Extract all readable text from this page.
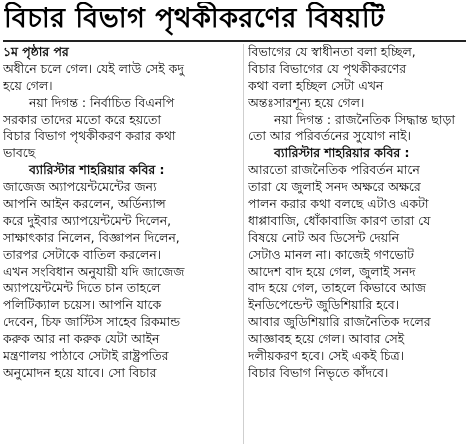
বিচার বিভাগ পৃথকীকরণের বিষয়টি
১ম পৃষ্ঠার পর
অধীনে চলে গেল। যেই লাউ সেই কদু
হয়ে গেল।
নয়া দিগন্ত : নির্বাচিত বিএনপি
সরকার তাদের মতো করে হয়তো
বিচার বিভাগ পৃথকীকরণ করার কথা
ভাবছে
ব্যারিস্টার শাহরিয়ার কবির :
জাজেজ অ্যাপয়েন্টমেন্টের জন্য
আপনি আইন করলেন, অর্ডিন্যান্স
করে দুইবার অ্যাপয়েন্টমেন্ট দিলেন,
সাক্ষাৎকার নিলেন, বিজ্ঞাপন দিলেন,
তারপর সেটাকে বাতিল করলেন।
এখন সংবিধান অনুযায়ী যদি জাজেজ
অ্যাপয়েন্টমেন্ট দিতে চান তাহলে
পলিটিক্যাল চয়েস। আপনি যাকে
দেবেন, চিফ জাস্টিস সাহেব রিকমান্ড
করুক আর না করুক যেটা আইন
মন্ত্রণালয় পাঠাবে সেটাই রাষ্ট্রপতির
অনুমোদন হয়ে যাবে। সো বিচার
বিভাগের যে স্বাধীনতা বলা হচ্ছিল,
বিচার বিভাগের যে পৃথকীকরণের
কথা বলা হচ্ছিল সেটা এখন
অন্তঃসারশূন্য হয়ে গেল।
নয়া দিগন্ত : রাজনৈতিক সিদ্ধান্ত ছাড়া
তো আর পরিবর্তনের সুযোগ নাই।
ব্যারিস্টার শাহরিয়ার কবির :
আরতো রাজনৈতিক পরিবর্তন মানে
তারা যে জুলাই সনদ অক্ষরে অক্ষরে
পালন করার কথা বলছে এটাও একটা
ধাপ্পাবাজি, ধোঁকাবাজি কারণ তারা যে
বিষয়ে নোট অব ডিসেন্ট দেয়নি
সেটাও মানল না। কাজেই গণভোট
আদেশ বাদ হয়ে গেল, জুলাই সনদ
বাদ হয়ে গেল, তাহলে কিভাবে আজ
ইনডিপেন্ডেন্ট জুডিশিয়ারি হবে।
আবার জুডিশিয়ারি রাজনৈতিক দলের
আজ্ঞাবহ হয়ে গেল। আবার সেই
দলীয়করণ হবে। সেই একই চিত্র।
বিচার বিভাগ নিভৃতে কাঁদবে।
